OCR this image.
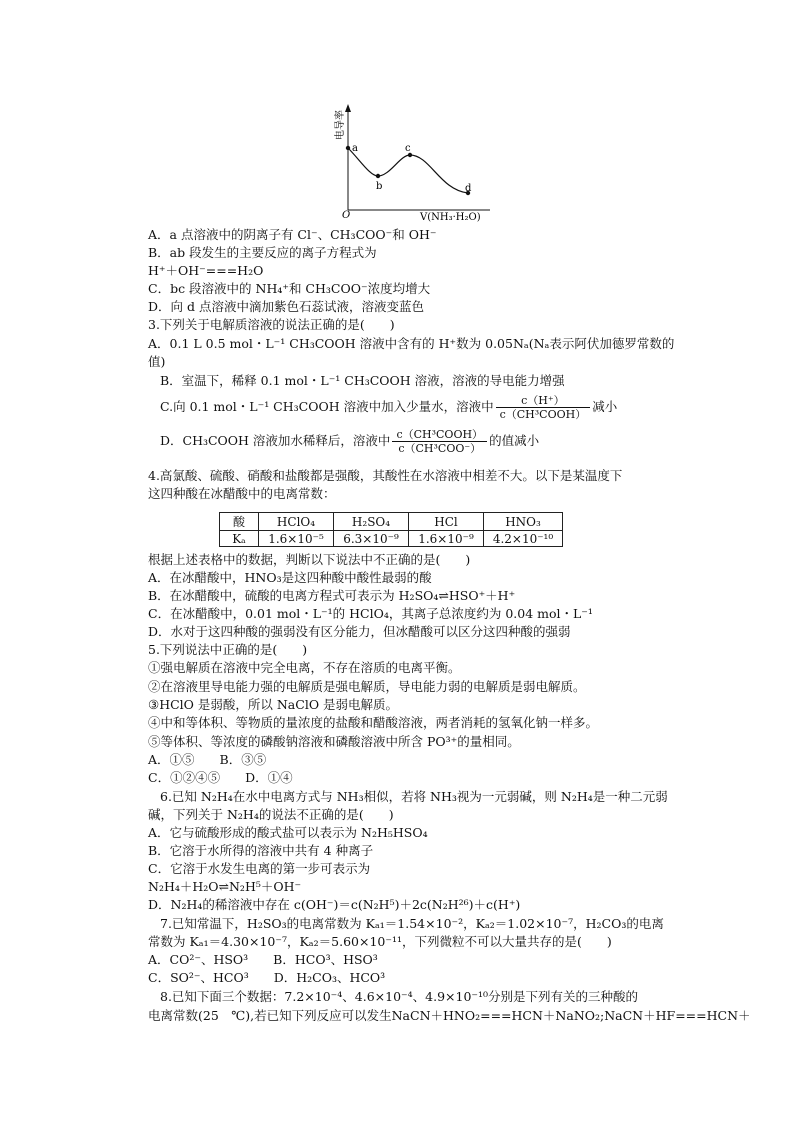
a
b
c
d
O	V(NH₃·H₂O)
电导率
A．a 点溶液中的阴离子有 Cl⁻、CH₃COO⁻和 OH⁻
B．ab 段发生的主要反应的离子方程式为
H⁺＋OH⁻===H₂O
C．bc 段溶液中的 NH₄⁺和 CH₃COO⁻浓度均增大
D．向 d 点溶液中滴加紫色石蕊试液，溶液变蓝色
3.下列关于电解质溶液的说法正确的是(　　)
A．0.1 L 0.5 mol・L⁻¹ CH₃COOH 溶液中含有的 H⁺数为 0.05Nₐ(Nₐ表示阿伏加德罗常数的
值)
B．室温下，稀释 0.1 mol・L⁻¹ CH₃COOH 溶液，溶液的导电能力增强
C.向 0.1 mol・L⁻¹ CH₃COOH 溶液中加入少量水，溶液中 $\frac{c(H^+)}{\text{c（CH³COOH）}}$ 减小
D．CH₃COOH 溶液加水稀释后，溶液中 $\frac{\text{c（CH³COOH）}}{\text{c（CH³COO⁻）}}$ 的值减小
4.高氯酸、硫酸、硝酸和盐酸都是强酸，其酸性在水溶液中相差不大。以下是某温度下
这四种酸在冰醋酸中的电离常数：
酸	HClO₄	H₂SO₄	HCl	HNO₃
Kₐ	1.6×10⁻⁵	6.3×10⁻⁹	1.6×10⁻⁹	4.2×10⁻¹⁰
根据上述表格中的数据，判断以下说法中不正确的是(　　)
A．在冰醋酸中，HNO₃是这四种酸中酸性最弱的酸
B．在冰醋酸中，硫酸的电离方程式可表示为 H₂SO₄⇌HSO⁺＋H⁺
C．在冰醋酸中，0.01 mol・L⁻¹的 HClO₄，其离子总浓度约为 0.04 mol・L⁻¹
D．水对于这四种酸的强弱没有区分能力，但冰醋酸可以区分这四种酸的强弱
5.下列说法中正确的是(　　)
①强电解质在溶液中完全电离，不存在溶质的电离平衡。
②在溶液里导电能力强的电解质是强电解质，导电能力弱的电解质是弱电解质。
③HClO 是弱酸，所以 NaClO 是弱电解质。
④中和等体积、等物质的量浓度的盐酸和醋酸溶液，两者消耗的氢氧化钠一样多。
⑤等体积、等浓度的磷酸钠溶液和磷酸溶液中所含 PO³⁺的量相同。
A．①⑤　　B．③⑤
C．①②④⑤　　D．①④
6.已知 N₂H₄在水中电离方式与 NH₃相似，若将 NH₃视为一元弱碱，则 N₂H₄是一种二元弱
碱，下列关于 N₂H₄的说法不正确的是(　　)
A．它与硫酸形成的酸式盐可以表示为 N₂H₅HSO₄
B．它溶于水所得的溶液中共有 4 种离子
C．它溶于水发生电离的第一步可表示为
N₂H₄＋H₂O⇌N₂H⁵＋OH⁻
D．N₂H₄的稀溶液中存在 c(OH⁻)＝c(N₂H⁵)＋2c(N₂H²⁶)＋c(H⁺)
7.已知常温下，H₂SO₃的电离常数为 Kₐ₁＝1.54×10⁻²，Kₐ₂＝1.02×10⁻⁷，H₂CO₃的电离
常数为 Kₐ₁＝4.30×10⁻⁷，Kₐ₂＝5.60×10⁻¹¹，下列微粒不可以大量共存的是(　　)
A．CO²⁻、HSO³　　B．HCO³、HSO³
C．SO²⁻、HCO³　　D．H₂CO₃、HCO³
8.已知下面三个数据：7.2×10⁻⁴、4.6×10⁻⁴、4.9×10⁻¹⁰分别是下列有关的三种酸的
电离常数(25　℃),若已知下列反应可以发生NaCN＋HNO₂===HCN＋NaNO₂;NaCN＋HF===HCN＋
